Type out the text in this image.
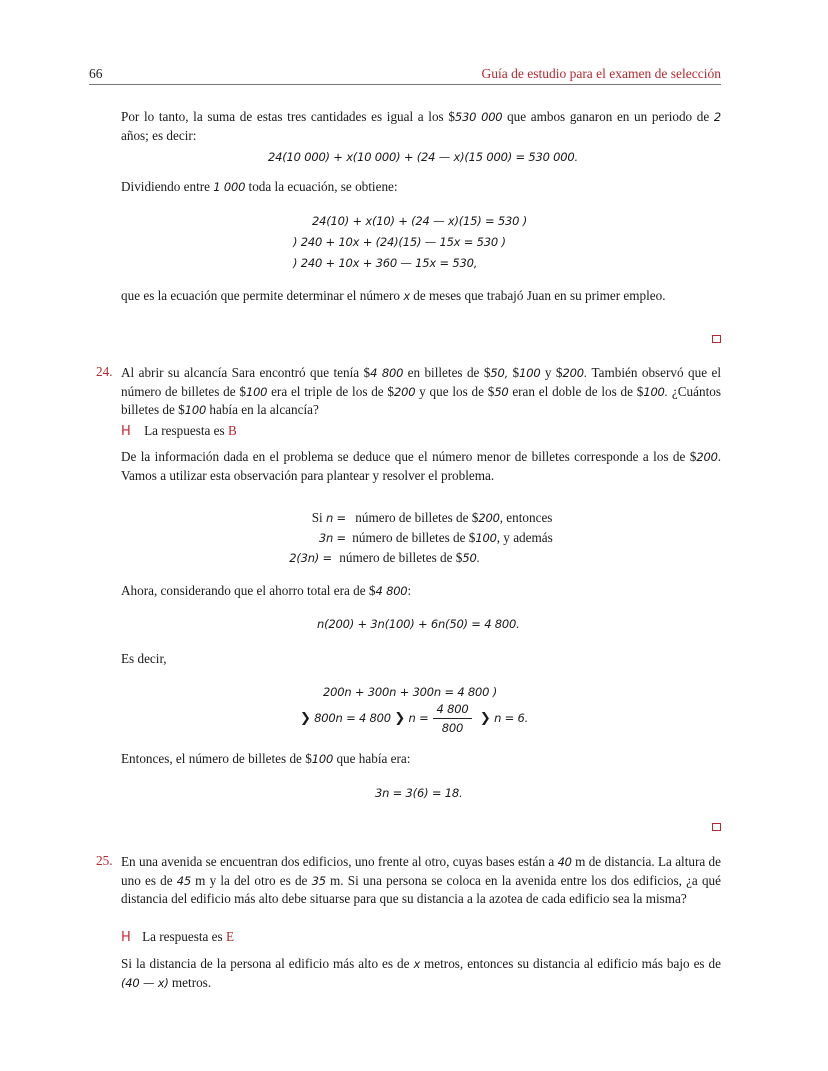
66	Guía de estudio para el examen de selección
Por lo tanto, la suma de estas tres cantidades es igual a los $530 000 que ambos ganaron en un periodo de 2 años; es decir:
24(10 000) + x(10 000) + (24 — x)(15 000) = 530 000.
Dividiendo entre 1 000 toda la ecuación, se obtiene:
24(10) + x(10) + (24 — x)(15) = 530 )
) 240 + 10x + (24)(15) — 15x = 530 )
) 240 + 10x + 360 — 15x = 530,
que es la ecuación que permite determinar el número x de meses que trabajó Juan en su primer empleo.
24. Al abrir su alcancía Sara encontró que tenía $4 800 en billetes de $50, $100 y $200. También observó que el número de billetes de $100 era el triple de los de $200 y que los de $50 eran el doble de los de $100. ¿Cuántos billetes de $100 había en la alcancía?
H La respuesta es B
De la información dada en el problema se deduce que el número menor de billetes corresponde a los de $200. Vamos a utilizar esta observación para plantear y resolver el problema.
Si n = número de billetes de $200, entonces
3n = número de billetes de $100, y además
2(3n) = número de billetes de $50.
Ahora, considerando que el ahorro total era de $4 800:
n(200) + 3n(100) + 6n(50) = 4 800.
Es decir,
200n + 300n + 300n = 4 800 )
❯ 800n = 4 800 ❯ $n = \frac{4 800}{800}$ ❯ n = 6.
Entonces, el número de billetes de $100 que había era:
3n = 3(6) = 18.
25. En una avenida se encuentran dos edificios, uno frente al otro, cuyas bases están a 40 m de distancia. La altura de uno es de 45 m y la del otro es de 35 m. Si una persona se coloca en la avenida entre los dos edificios, ¿a qué distancia del edificio más alto debe situarse para que su distancia a la azotea de cada edificio sea la misma?
H La respuesta es E
Si la distancia de la persona al edificio más alto es de x metros, entonces su distancia al edificio más bajo es de (40 — x) metros.
